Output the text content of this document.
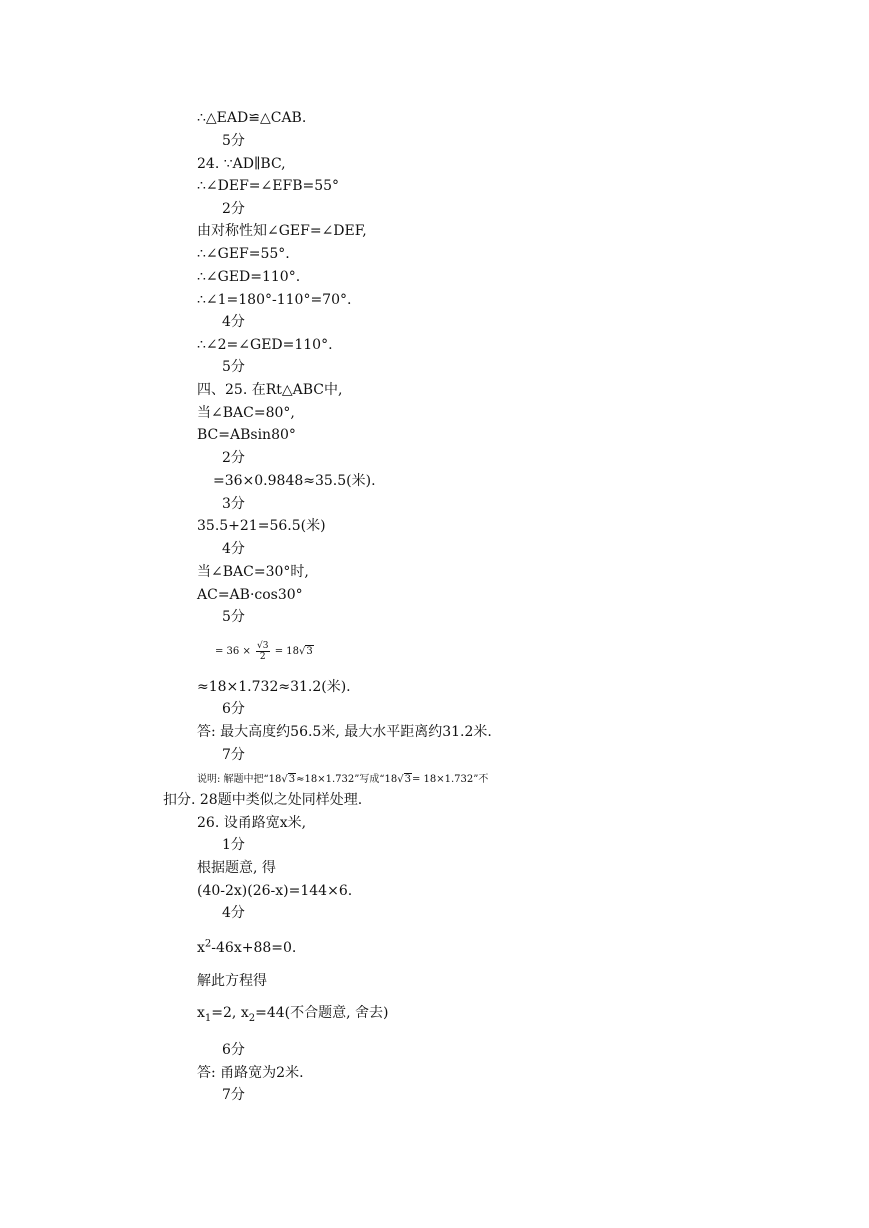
∴△EAD≌△CAB.
5分
24. ∵AD∥BC,
∴∠DEF=∠EFB=55°
2分
由对称性知∠GEF=∠DEF,
∴∠GEF=55°.
∴∠GED=110°.
∴∠1=180°-110°=70°.
4分
∴∠2=∠GED=110°.
5分
四、25. 在Rt△ABC中,
当∠BAC=80°,
BC=ABsin80°
2分
=36×0.9848≈35.5(米).
3分
35.5+21=56.5(米)
4分
当∠BAC=30°时,
AC=AB·cos30°
5分
= $36 \times \frac{√3}{2} = 18√3$
≈18×1.732≈31.2(米).
6分
答: 最大高度约56.5米, 最大水平距离约31.2米.
7分
说明: 解题中把“18√3≈18×1.732”写成“18√3= 18×1.732”不
扣分. 28题中类似之处同样处理.
26. 设甬路宽x米,
1分
根据题意, 得
(40-2x)(26-x)=144×6.
4分
$x^2-46x+88=0$.
解此方程得
$x_1=2$, $x_2=44$(不合题意, 舍去)
6分
答: 甬路宽为2米.
7分
